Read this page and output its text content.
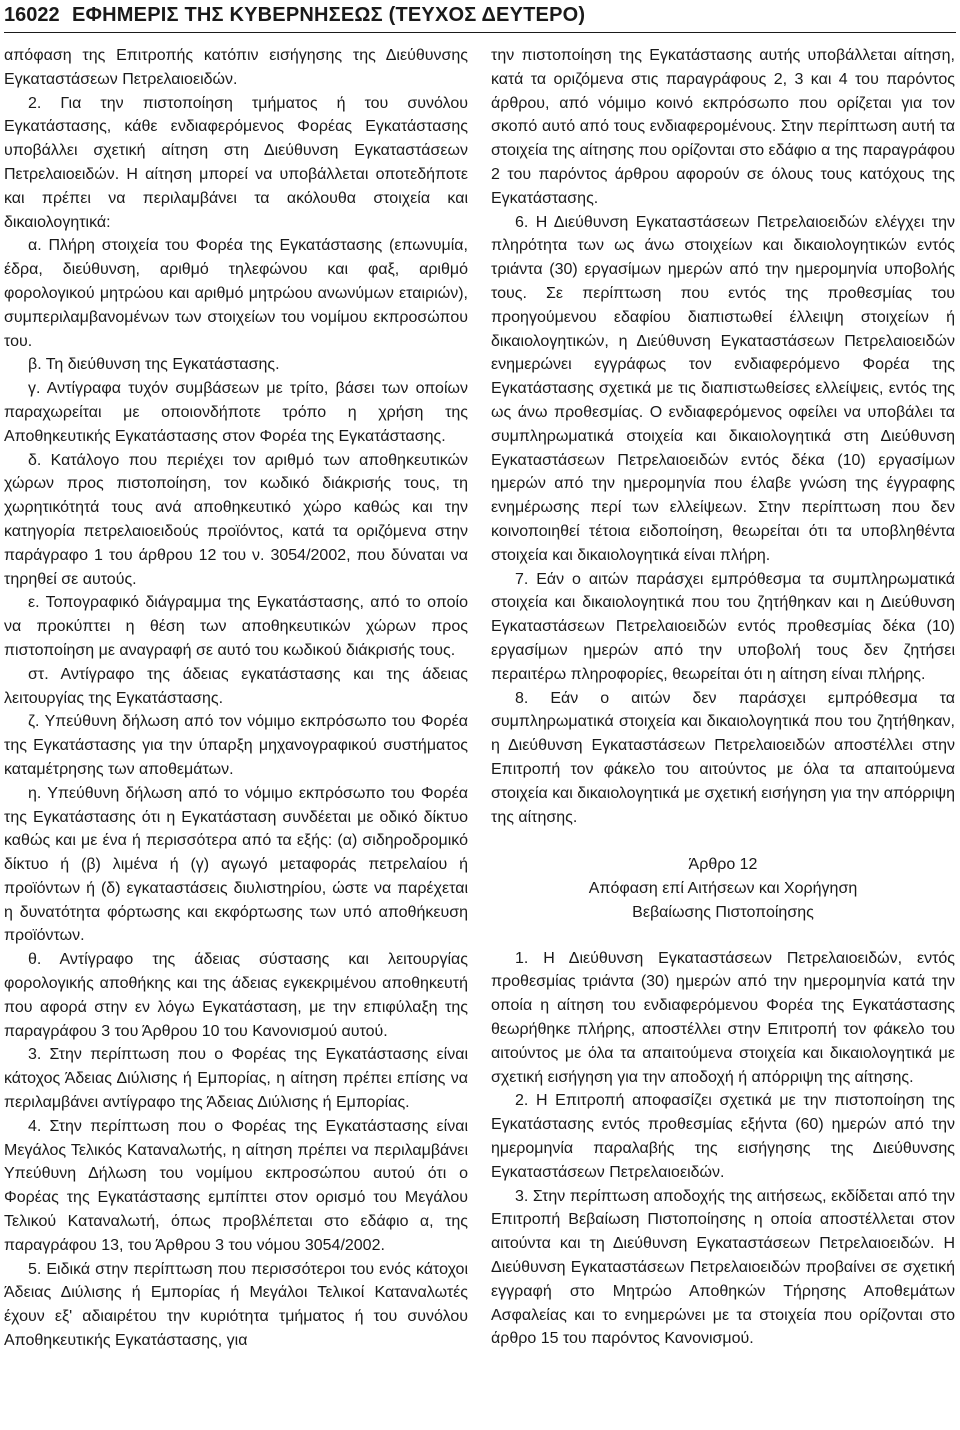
16022 ΕΦΗΜΕΡΙΣ ΤΗΣ ΚΥΒΕΡΝΗΣΕΩΣ (ΤΕΥΧΟΣ ΔΕΥΤΕΡΟ)

απόφαση της Επιτροπής κατόπιν εισήγησης της Διεύθυνσης Εγκαταστάσεων Πετρελαιοειδών.

2. Για την πιστοποίηση τμήματος ή του συνόλου Εγκατάστασης, κάθε ενδιαφερόμενος Φορέας Εγκατάστασης υποβάλλει σχετική αίτηση στη Διεύθυνση Εγκαταστάσεων Πετρελαιοειδών. Η αίτηση μπορεί να υποβάλλεται οποτεδήποτε και πρέπει να περιλαμβάνει τα ακόλουθα στοιχεία και δικαιολογητικά:

α. Πλήρη στοιχεία του Φορέα της Εγκατάστασης (επωνυμία, έδρα, διεύθυνση, αριθμό τηλεφώνου και φαξ, αριθμό φορολογικού μητρώου και αριθμό μητρώου ανωνύμων εταιριών), συμπεριλαμβανομένων των στοιχείων του νομίμου εκπροσώπου του.

β. Τη διεύθυνση της Εγκατάστασης.

γ. Αντίγραφα τυχόν συμβάσεων με τρίτο, βάσει των οποίων παραχωρείται με οποιονδήποτε τρόπο η χρήση της Αποθηκευτικής Εγκατάστασης στον Φορέα της Εγκατάστασης.

δ. Κατάλογο που περιέχει τον αριθμό των αποθηκευτικών χώρων προς πιστοποίηση, τον κωδικό διάκρισής τους, τη χωρητικότητά τους ανά αποθηκευτικό χώρο καθώς και την κατηγορία πετρελαιοειδούς προϊόντος, κατά τα οριζόμενα στην παράγραφο 1 του άρθρου 12 του ν. 3054/2002, που δύναται να τηρηθεί σε αυτούς.

ε. Τοπογραφικό διάγραμμα της Εγκατάστασης, από το οποίο να προκύπτει η θέση των αποθηκευτικών χώρων προς πιστοποίηση με αναγραφή σε αυτό του κωδικού διάκρισής τους.

στ. Αντίγραφο της άδειας εγκατάστασης και της άδειας λειτουργίας της Εγκατάστασης.

ζ. Υπεύθυνη δήλωση από τον νόμιμο εκπρόσωπο του Φορέα της Εγκατάστασης για την ύπαρξη μηχανογραφικού συστήματος καταμέτρησης των αποθεμάτων.

η. Υπεύθυνη δήλωση από το νόμιμο εκπρόσωπο του Φορέα της Εγκατάστασης ότι η Εγκατάσταση συνδέεται με οδικό δίκτυο καθώς και με ένα ή περισσότερα από τα εξής: (α) σιδηροδρομικό δίκτυο ή (β) λιμένα ή (γ) αγωγό μεταφοράς πετρελαίου ή προϊόντων ή (δ) εγκαταστάσεις διυλιστηρίου, ώστε να παρέχεται η δυνατότητα φόρτωσης και εκφόρτωσης των υπό αποθήκευση προϊόντων.

θ. Αντίγραφο της άδειας σύστασης και λειτουργίας φορολογικής αποθήκης και της άδειας εγκεκριμένου αποθηκευτή που αφορά στην εν λόγω Εγκατάσταση, με την επιφύλαξη της παραγράφου 3 του Άρθρου 10 του Κανονισμού αυτού.

3. Στην περίπτωση που ο Φορέας της Εγκατάστασης είναι κάτοχος Άδειας Διύλισης ή Εμπορίας, η αίτηση πρέπει επίσης να περιλαμβάνει αντίγραφο της Άδειας Διύλισης ή Εμπορίας.

4. Στην περίπτωση που ο Φορέας της Εγκατάστασης είναι Μεγάλος Τελικός Καταναλωτής, η αίτηση πρέπει να περιλαμβάνει Υπεύθυνη Δήλωση του νομίμου εκπροσώπου αυτού ότι ο Φορέας της Εγκατάστασης εμπίπτει στον ορισμό του Μεγάλου Τελικού Καταναλωτή, όπως προβλέπεται στο εδάφιο α, της παραγράφου 13, του Άρθρου 3 του νόμου 3054/2002.

5. Ειδικά στην περίπτωση που περισσότεροι του ενός κάτοχοι Άδειας Διύλισης ή Εμπορίας ή Μεγάλοι Τελικοί Καταναλωτές έχουν εξ' αδιαιρέτου την κυριότητα τμήματος ή του συνόλου Αποθηκευτικής Εγκατάστασης, για

την πιστοποίηση της Εγκατάστασης αυτής υποβάλλεται αίτηση, κατά τα οριζόμενα στις παραγράφους 2, 3 και 4 του παρόντος άρθρου, από νόμιμο κοινό εκπρόσωπο που ορίζεται για τον σκοπό αυτό από τους ενδιαφερομένους. Στην περίπτωση αυτή τα στοιχεία της αίτησης που ορίζονται στο εδάφιο α της παραγράφου 2 του παρόντος άρθρου αφορούν σε όλους τους κατόχους της Εγκατάστασης.

6. Η Διεύθυνση Εγκαταστάσεων Πετρελαιοειδών ελέγχει την πληρότητα των ως άνω στοιχείων και δικαιολογητικών εντός τριάντα (30) εργασίμων ημερών από την ημερομηνία υποβολής τους. Σε περίπτωση που εντός της προθεσμίας του προηγούμενου εδαφίου διαπιστωθεί έλλειψη στοιχείων ή δικαιολογητικών, η Διεύθυνση Εγκαταστάσεων Πετρελαιοειδών ενημερώνει εγγράφως τον ενδιαφερόμενο Φορέα της Εγκατάστασης σχετικά με τις διαπιστωθείσες ελλείψεις, εντός της ως άνω προθεσμίας. Ο ενδιαφερόμενος οφείλει να υποβάλει τα συμπληρωματικά στοιχεία και δικαιολογητικά στη Διεύθυνση Εγκαταστάσεων Πετρελαιοειδών εντός δέκα (10) εργασίμων ημερών από την ημερομηνία που έλαβε γνώση της έγγραφης ενημέρωσης περί των ελλείψεων. Στην περίπτωση που δεν κοινοποιηθεί τέτοια ειδοποίηση, θεωρείται ότι τα υποβληθέντα στοιχεία και δικαιολογητικά είναι πλήρη.

7. Εάν ο αιτών παράσχει εμπρόθεσμα τα συμπληρωματικά στοιχεία και δικαιολογητικά που του ζητήθηκαν και η Διεύθυνση Εγκαταστάσεων Πετρελαιοειδών εντός προθεσμίας δέκα (10) εργασίμων ημερών από την υποβολή τους δεν ζητήσει περαιτέρω πληροφορίες, θεωρείται ότι η αίτηση είναι πλήρης.

8. Εάν ο αιτών δεν παράσχει εμπρόθεσμα τα συμπληρωματικά στοιχεία και δικαιολογητικά που του ζητήθηκαν, η Διεύθυνση Εγκαταστάσεων Πετρελαιοειδών αποστέλλει στην Επιτροπή τον φάκελο του αιτούντος με όλα τα απαιτούμενα στοιχεία και δικαιολογητικά με σχετική εισήγηση για την απόρριψη της αίτησης.

Άρθρο 12

Απόφαση επί Αιτήσεων και Χορήγηση

Βεβαίωσης Πιστοποίησης

1. Η Διεύθυνση Εγκαταστάσεων Πετρελαιοειδών, εντός προθεσμίας τριάντα (30) ημερών από την ημερομηνία κατά την οποία η αίτηση του ενδιαφερόμενου Φορέα της Εγκατάστασης θεωρήθηκε πλήρης, αποστέλλει στην Επιτροπή τον φάκελο του αιτούντος με όλα τα απαιτούμενα στοιχεία και δικαιολογητικά με σχετική εισήγηση για την αποδοχή ή απόρριψη της αίτησης.

2. Η Επιτροπή αποφασίζει σχετικά με την πιστοποίηση της Εγκατάστασης εντός προθεσμίας εξήντα (60) ημερών από την ημερομηνία παραλαβής της εισήγησης της Διεύθυνσης Εγκαταστάσεων Πετρελαιοειδών.

3. Στην περίπτωση αποδοχής της αιτήσεως, εκδίδεται από την Επιτροπή Βεβαίωση Πιστοποίησης η οποία αποστέλλεται στον αιτούντα και τη Διεύθυνση Εγκαταστάσεων Πετρελαιοειδών. Η Διεύθυνση Εγκαταστάσεων Πετρελαιοειδών προβαίνει σε σχετική εγγραφή στο Μητρώο Αποθηκών Τήρησης Αποθεμάτων Ασφαλείας και το ενημερώνει με τα στοιχεία που ορίζονται στο άρθρο 15 του παρόντος Κανονισμού.
